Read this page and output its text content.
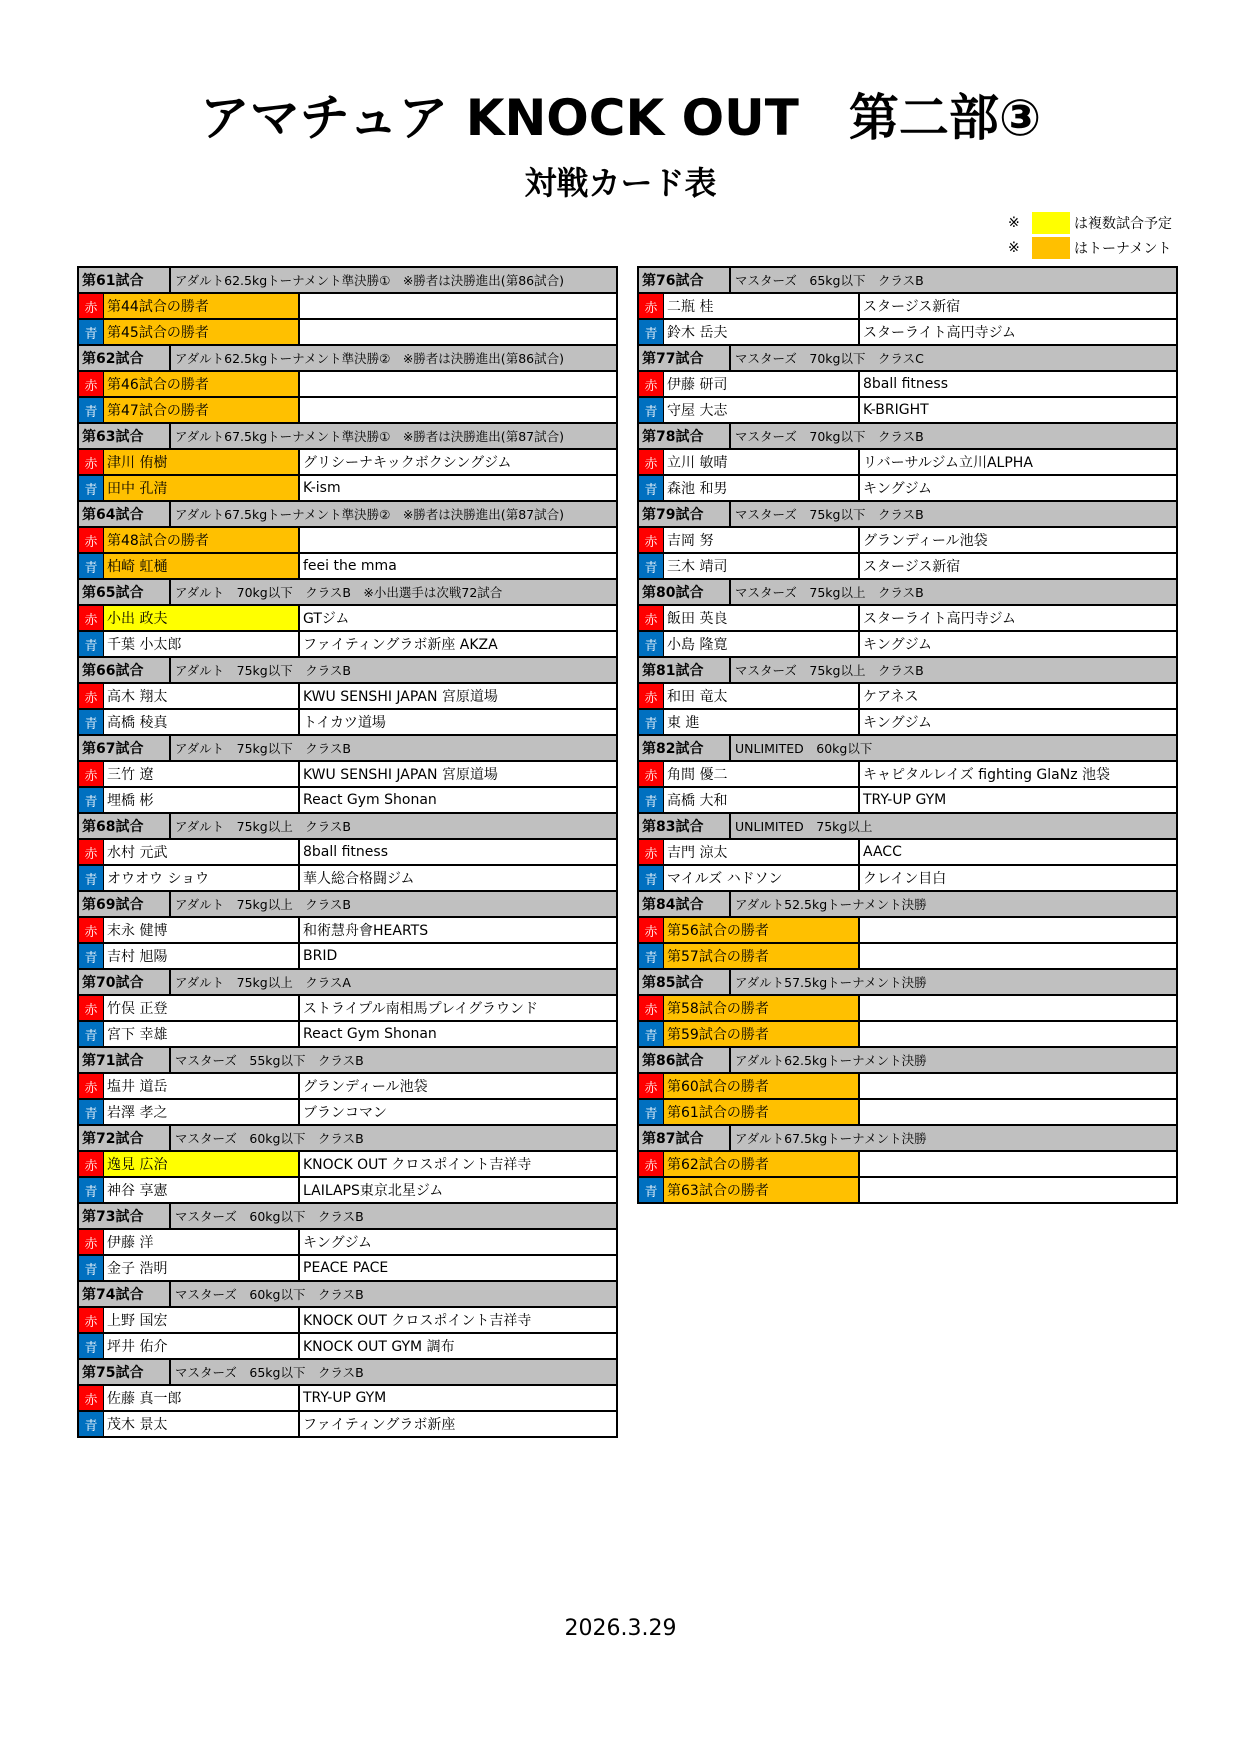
アマチュア KNOCK OUT　第二部③
対戦カード表
※	は複数試合予定
※	はトーナメント
第61試合	アダルト62.5kgトーナメント準決勝①　※勝者は決勝進出(第86試合)
赤 第44試合の勝者
青 第45試合の勝者
第62試合	アダルト62.5kgトーナメント準決勝②　※勝者は決勝進出(第86試合)
赤 第46試合の勝者
青 第47試合の勝者
第63試合	アダルト67.5kgトーナメント準決勝①　※勝者は決勝進出(第87試合)
赤 津川 侑樹	グリシーナキックボクシングジム
青 田中 孔清	K-ism
第64試合	アダルト67.5kgトーナメント準決勝②　※勝者は決勝進出(第87試合)
赤 第48試合の勝者
青 柏崎 虹樋	feei the mma
第65試合	アダルト　70kg以下　クラスB　※小出選手は次戦72試合
赤 小出 政夫	GTジム
青 千葉 小太郎	ファイティングラボ新座 AKZA
第66試合	アダルト　75kg以下　クラスB
赤 高木 翔太	KWU SENSHI JAPAN 宮原道場
青 高橋 稜真	トイカツ道場
第67試合	アダルト　75kg以下　クラスB
赤 三竹 遼	KWU SENSHI JAPAN 宮原道場
青 埋橋 彬	React Gym Shonan
第68試合	アダルト　75kg以上　クラスB
赤 水村 元武	8ball fitness
青 オウオウ ショウ	華人総合格闘ジム
第69試合	アダルト　75kg以上　クラスB
赤 末永 健博	和術慧舟會HEARTS
青 吉村 旭陽	BRID
第70試合	アダルト　75kg以上　クラスA
赤 竹俣 正登	ストライプル南相馬プレイグラウンド
青 宮下 幸雄	React Gym Shonan
第71試合	マスターズ　55kg以下　クラスB
赤 塩井 道岳	グランディール池袋
青 岩澤 孝之	ブランコマン
第72試合	マスターズ　60kg以下　クラスB
赤 逸見 広治	KNOCK OUT クロスポイント吉祥寺
青 神谷 享憲	LAILAPS東京北星ジム
第73試合	マスターズ　60kg以下　クラスB
赤 伊藤 洋	キングジム
青 金子 浩明	PEACE PACE
第74試合	マスターズ　60kg以下　クラスB
赤 上野 国宏	KNOCK OUT クロスポイント吉祥寺
青 坪井 佑介	KNOCK OUT GYM 調布
第75試合	マスターズ　65kg以下　クラスB
赤 佐藤 真一郎	TRY-UP GYM
青 茂木 景太	ファイティングラボ新座
第76試合	マスターズ　65kg以下　クラスB
赤 二瓶 桂	スタージス新宿
青 鈴木 岳夫	スターライト高円寺ジム
第77試合	マスターズ　70kg以下　クラスC
赤 伊藤 研司	8ball fitness
青 守屋 大志	K-BRIGHT
第78試合	マスターズ　70kg以下　クラスB
赤 立川 敏晴	リバーサルジム立川ALPHA
青 森池 和男	キングジム
第79試合	マスターズ　75kg以下　クラスB
赤 吉岡 努	グランディール池袋
青 三木 靖司	スタージス新宿
第80試合	マスターズ　75kg以上　クラスB
赤 飯田 英良	スターライト高円寺ジム
青 小島 隆寛	キングジム
第81試合	マスターズ　75kg以上　クラスB
赤 和田 竜太	ケアネス
青 東 進	キングジム
第82試合	UNLIMITED　60kg以下
赤 角間 優二	キャピタルレイズ fighting GlaNz 池袋
青 高橋 大和	TRY-UP GYM
第83試合	UNLIMITED　75kg以上
赤 吉門 涼太	AACC
青 マイルズ ハドソン	クレイン目白
第84試合	アダルト52.5kgトーナメント決勝
赤 第56試合の勝者
青 第57試合の勝者
第85試合	アダルト57.5kgトーナメント決勝
赤 第58試合の勝者
青 第59試合の勝者
第86試合	アダルト62.5kgトーナメント決勝
赤 第60試合の勝者
青 第61試合の勝者
第87試合	アダルト67.5kgトーナメント決勝
赤 第62試合の勝者
青 第63試合の勝者
2026.3.29
